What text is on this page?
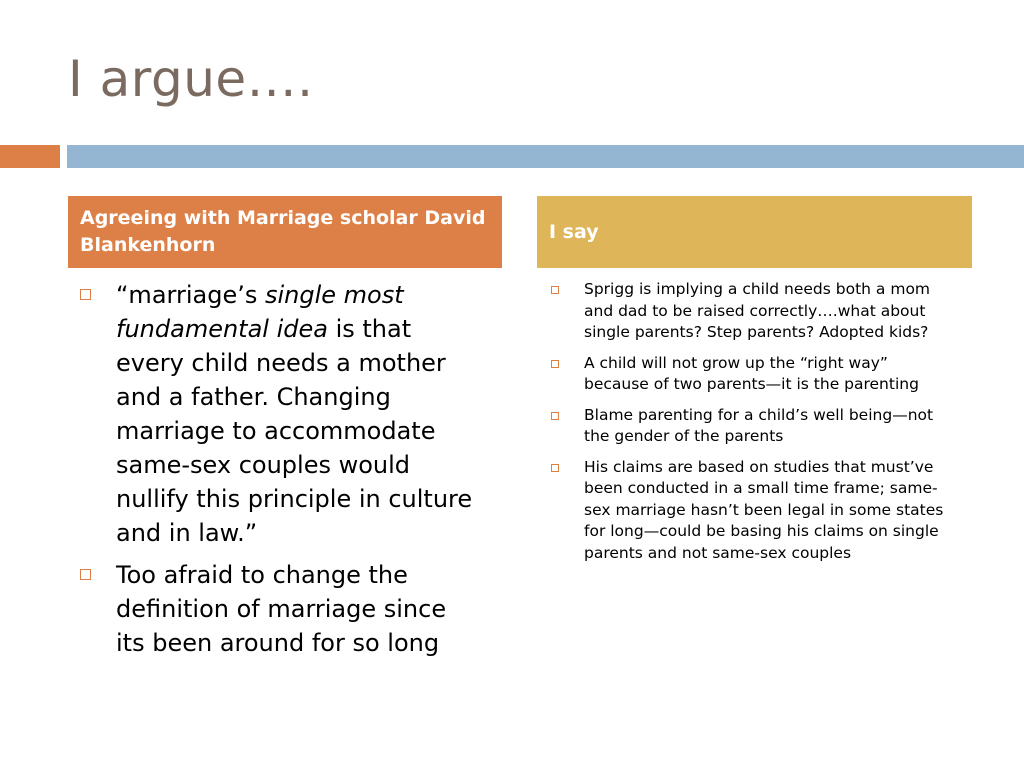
I argue….
Agreeing with Marriage scholar David Blankenhorn
I say
“marriage’s single most fundamental idea is that every child needs a mother and a father. Changing marriage to accommodate same-sex couples would nullify this principle in culture and in law.”
Too afraid to change the definition of marriage since its been around for so long
Sprigg is implying a child needs both a mom and dad to be raised correctly….what about single parents? Step parents? Adopted kids?
A child will not grow up the “right way” because of two parents—it is the parenting
Blame parenting for a child’s well being—not the gender of the parents
His claims are based on studies that must’ve been conducted in a small time frame; same-sex marriage hasn’t been legal in some states for long—could be basing his claims on single parents and not same-sex couples
